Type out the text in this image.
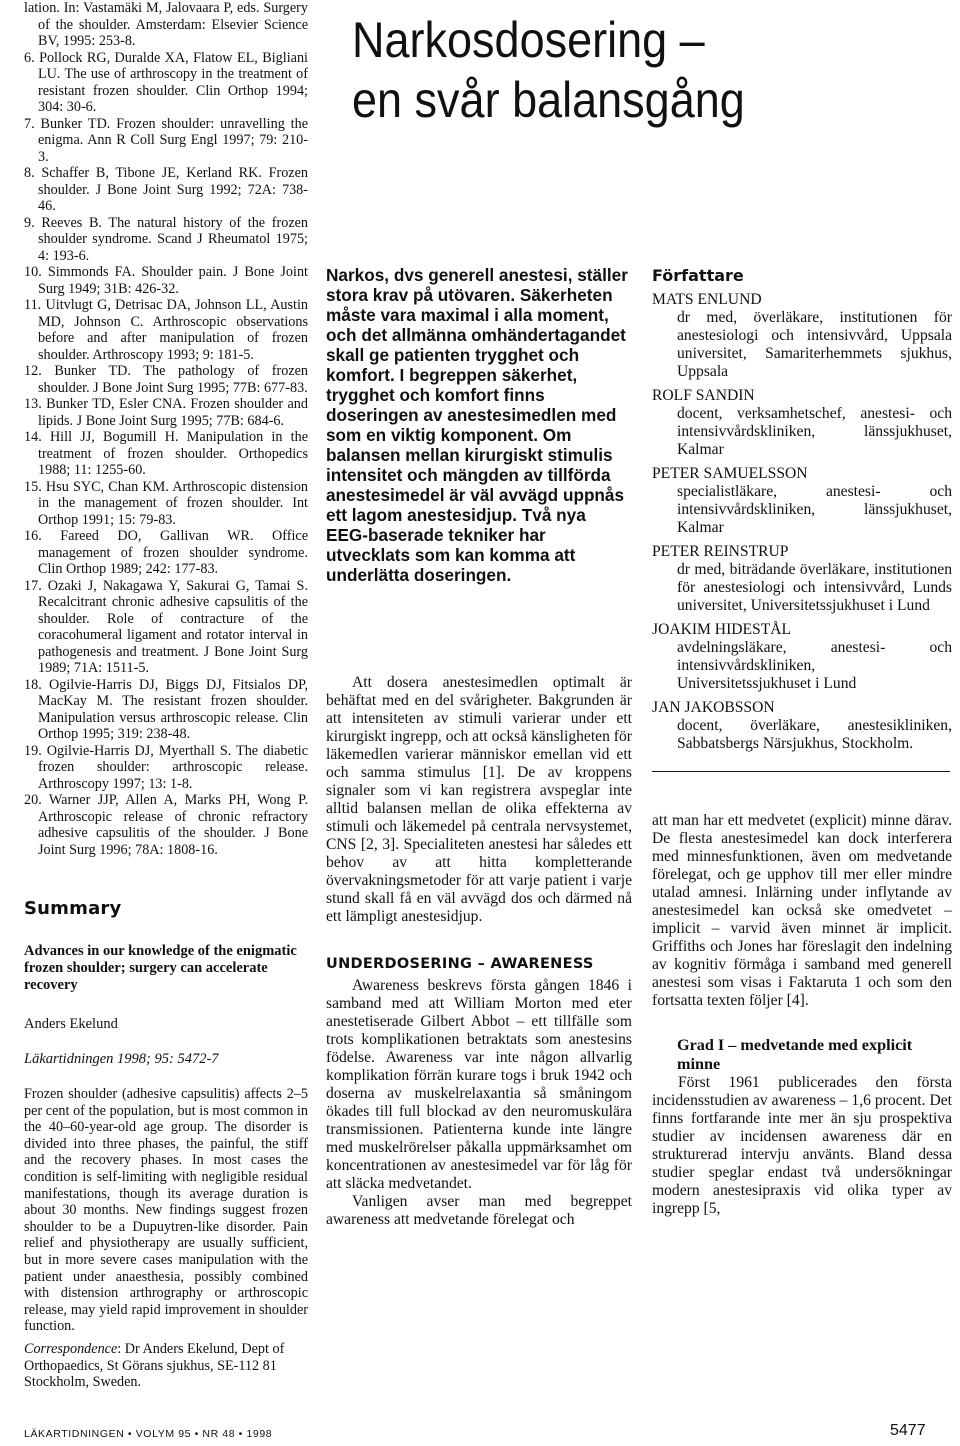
lation. In: Vastamäki M, Jalovaara P, eds. Surgery of the shoulder. Amsterdam: Elsevier Science BV, 1995: 253-8.
6. Pollock RG, Duralde XA, Flatow EL, Bigliani LU. The use of arthroscopy in the treatment of resistant frozen shoulder. Clin Orthop 1994; 304: 30-6.
7. Bunker TD. Frozen shoulder: unravelling the enigma. Ann R Coll Surg Engl 1997; 79: 210-3.
8. Schaffer B, Tibone JE, Kerland RK. Frozen shoulder. J Bone Joint Surg 1992; 72A: 738-46.
9. Reeves B. The natural history of the frozen shoulder syndrome. Scand J Rheumatol 1975; 4: 193-6.
10. Simmonds FA. Shoulder pain. J Bone Joint Surg 1949; 31B: 426-32.
11. Uitvlugt G, Detrisac DA, Johnson LL, Austin MD, Johnson C. Arthroscopic observations before and after manipulation of frozen shoulder. Arthroscopy 1993; 9: 181-5.
12. Bunker TD. The pathology of frozen shoulder. J Bone Joint Surg 1995; 77B: 677-83.
13. Bunker TD, Esler CNA. Frozen shoulder and lipids. J Bone Joint Surg 1995; 77B: 684-6.
14. Hill JJ, Bogumill H. Manipulation in the treatment of frozen shoulder. Orthopedics 1988; 11: 1255-60.
15. Hsu SYC, Chan KM. Arthroscopic distension in the management of frozen shoulder. Int Orthop 1991; 15: 79-83.
16. Fareed DO, Gallivan WR. Office management of frozen shoulder syndrome. Clin Orthop 1989; 242: 177-83.
17. Ozaki J, Nakagawa Y, Sakurai G, Tamai S. Recalcitrant chronic adhesive capsulitis of the shoulder. Role of contracture of the coracohumeral ligament and rotator interval in pathogenesis and treatment. J Bone Joint Surg 1989; 71A: 1511-5.
18. Ogilvie-Harris DJ, Biggs DJ, Fitsialos DP, MacKay M. The resistant frozen shoulder. Manipulation versus arthroscopic release. Clin Orthop 1995; 319: 238-48.
19. Ogilvie-Harris DJ, Myerthall S. The diabetic frozen shoulder: arthroscopic release. Arthroscopy 1997; 13: 1-8.
20. Warner JJP, Allen A, Marks PH, Wong P. Arthroscopic release of chronic refractory adhesive capsulitis of the shoulder. J Bone Joint Surg 1996; 78A: 1808-16.
Summary
Advances in our knowledge of the enigmatic frozen shoulder; surgery can accelerate recovery
Anders Ekelund
Läkartidningen 1998; 95: 5472-7
Frozen shoulder (adhesive capsulitis) affects 2–5 per cent of the population, but is most common in the 40–60-year-old age group. The disorder is divided into three phases, the painful, the stiff and the recovery phases. In most cases the condition is self-limiting with negligible residual manifestations, though its average duration is about 30 months. New findings suggest frozen shoulder to be a Dupuytren-like disorder. Pain relief and physiotherapy are usually sufficient, but in more severe cases manipulation with the patient under anaesthesia, possibly combined with distension arthrography or arthroscopic release, may yield rapid improvement in shoulder function.
Correspondence: Dr Anders Ekelund, Dept of Orthopaedics, St Görans sjukhus, SE-112 81 Stockholm, Sweden.
Narkosdosering –
en svår balansgång
Narkos, dvs generell anestesi, ställer stora krav på utövaren. Säkerheten måste vara maximal i alla moment, och det allmänna omhändertagandet skall ge patienten trygghet och komfort. I begreppen säkerhet, trygghet och komfort finns doseringen av anestesimedlen med som en viktig komponent. Om balansen mellan kirurgiskt stimulis intensitet och mängden av tillförda anestesimedel är väl avvägd uppnås ett lagom anestesidjup. Två nya EEG-baserade tekniker har utvecklats som kan komma att underlätta doseringen.
Att dosera anestesimedlen optimalt är behäftat med en del svårigheter. Bakgrunden är att intensiteten av stimuli varierar under ett kirurgiskt ingrepp, och att också känsligheten för läkemedlen varierar människor emellan vid ett och samma stimulus [1]. De av kroppens signaler som vi kan registrera avspeglar inte alltid balansen mellan de olika effekterna av stimuli och läkemedel på centrala nervsystemet, CNS [2, 3]. Specialiteten anestesi har således ett behov av att hitta kompletterande övervakningsmetoder för att varje patient i varje stund skall få en väl avvägd dos och därmed nå ett lämpligt anestesidjup.
UNDERDOSERING – AWARENESS
Awareness beskrevs första gången 1846 i samband med att William Morton med eter anestetiserade Gilbert Abbot – ett tillfälle som trots komplikationen betraktats som anestesins födelse. Awareness var inte någon allvarlig komplikation förrän kurare togs i bruk 1942 och doserna av muskelrelaxantia så småningom ökades till full blockad av den neuromuskulära transmissionen. Patienterna kunde inte längre med muskelrörelser påkalla uppmärksamhet om koncentrationen av anestesimedel var för låg för att släcka medvetandet.
Vanligen avser man med begreppet awareness att medvetande förelegat och
Författare
MATS ENLUND
dr med, överläkare, institutionen för anestesiologi och intensivvård, Uppsala universitet, Samariterhemmets sjukhus, Uppsala
ROLF SANDIN
docent, verksamhetschef, anestesi- och intensivvårdskliniken, länssjukhuset, Kalmar
PETER SAMUELSSON
specialistläkare, anestesi- och intensivvårdskliniken, länssjukhuset, Kalmar
PETER REINSTRUP
dr med, biträdande överläkare, institutionen för anestesiologi och intensivvård, Lunds universitet, Universitetssjukhuset i Lund
JOAKIM HIDESTÅL
avdelningsläkare, anestesi- och intensivvårdskliniken, Universitetssjukhuset i Lund
JAN JAKOBSSON
docent, överläkare, anestesikliniken, Sabbatsbergs Närsjukhus, Stockholm.
att man har ett medvetet (explicit) minne därav. De flesta anestesimedel kan dock interferera med minnesfunktionen, även om medvetande förelegat, och ge upphov till mer eller mindre utalad amnesi. Inlärning under inflytande av anestesimedel kan också ske omedvetet – implicit – varvid även minnet är implicit. Griffiths och Jones har föreslagit den indelning av kognitiv förmåga i samband med generell anestesi som visas i Faktaruta 1 och som den fortsatta texten följer [4].
Grad I – medvetande med explicit minne
Först 1961 publicerades den första incidensstudien av awareness – 1,6 procent. Det finns fortfarande inte mer än sju prospektiva studier av incidensen awareness där en strukturerad intervju använts. Bland dessa studier speglar endast två undersökningar modern anestesipraxis vid olika typer av ingrepp [5,
LÄKARTIDNINGEN • VOLYM 95 • NR 48 • 1998	5477
